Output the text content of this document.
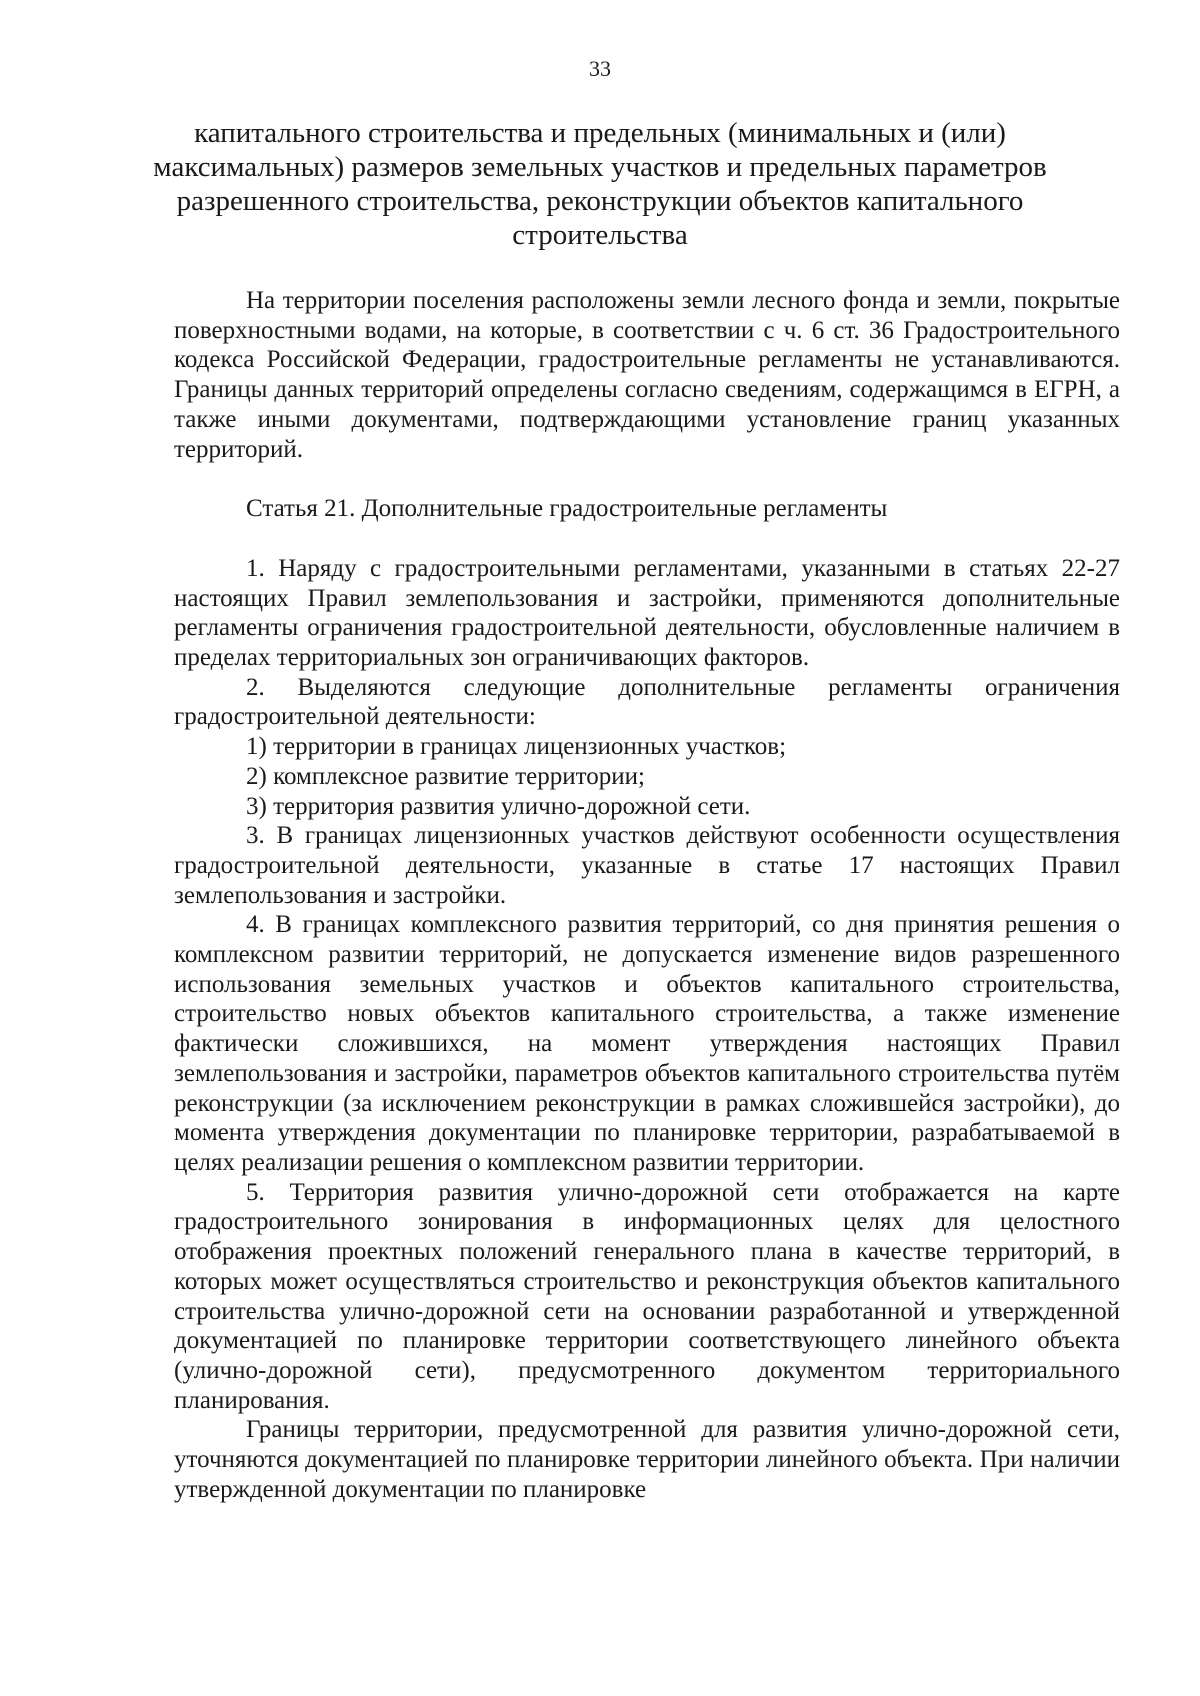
33
капитального строительства и предельных (минимальных и (или) максимальных) размеров земельных участков и предельных параметров разрешенного строительства, реконструкции объектов капитального строительства

На территории поселения расположены земли лесного фонда и земли, покрытые поверхностными водами, на которые, в соответствии с ч. 6 ст. 36 Градостроительного кодекса Российской Федерации, градостроительные регламенты не устанавливаются. Границы данных территорий определены согласно сведениям, содержащимся в ЕГРН, а также иными документами, подтверждающими установление границ указанных территорий.

Статья 21. Дополнительные градостроительные регламенты

1. Наряду с градостроительными регламентами, указанными в статьях 22-27 настоящих Правил землепользования и застройки, применяются дополнительные регламенты ограничения градостроительной деятельности, обусловленные наличием в пределах территориальных зон ограничивающих факторов.

2. Выделяются следующие дополнительные регламенты ограничения градостроительной деятельности:

1) территории в границах лицензионных участков;

2) комплексное развитие территории;

3) территория развития улично-дорожной сети.

3. В границах лицензионных участков действуют особенности осуществления градостроительной деятельности, указанные в статье 17 настоящих Правил землепользования и застройки.

4. В границах комплексного развития территорий, со дня принятия решения о комплексном развитии территорий, не допускается изменение видов разрешенного использования земельных участков и объектов капитального строительства, строительство новых объектов капитального строительства, а также изменение фактически сложившихся, на момент утверждения настоящих Правил землепользования и застройки, параметров объектов капитального строительства путём реконструкции (за исключением реконструкции в рамках сложившейся застройки), до момента утверждения документации по планировке территории, разрабатываемой в целях реализации решения о комплексном развитии территории.

5. Территория развития улично-дорожной сети отображается на карте градостроительного зонирования в информационных целях для целостного отображения проектных положений генерального плана в качестве территорий, в которых может осуществляться строительство и реконструкция объектов капитального строительства улично-дорожной сети на основании разработанной и утвержденной документацией по планировке территории соответствующего линейного объекта (улично-дорожной сети), предусмотренного документом территориального планирования.

Границы территории, предусмотренной для развития улично-дорожной сети, уточняются документацией по планировке территории линейного объекта. При наличии утвержденной документации по планировке
